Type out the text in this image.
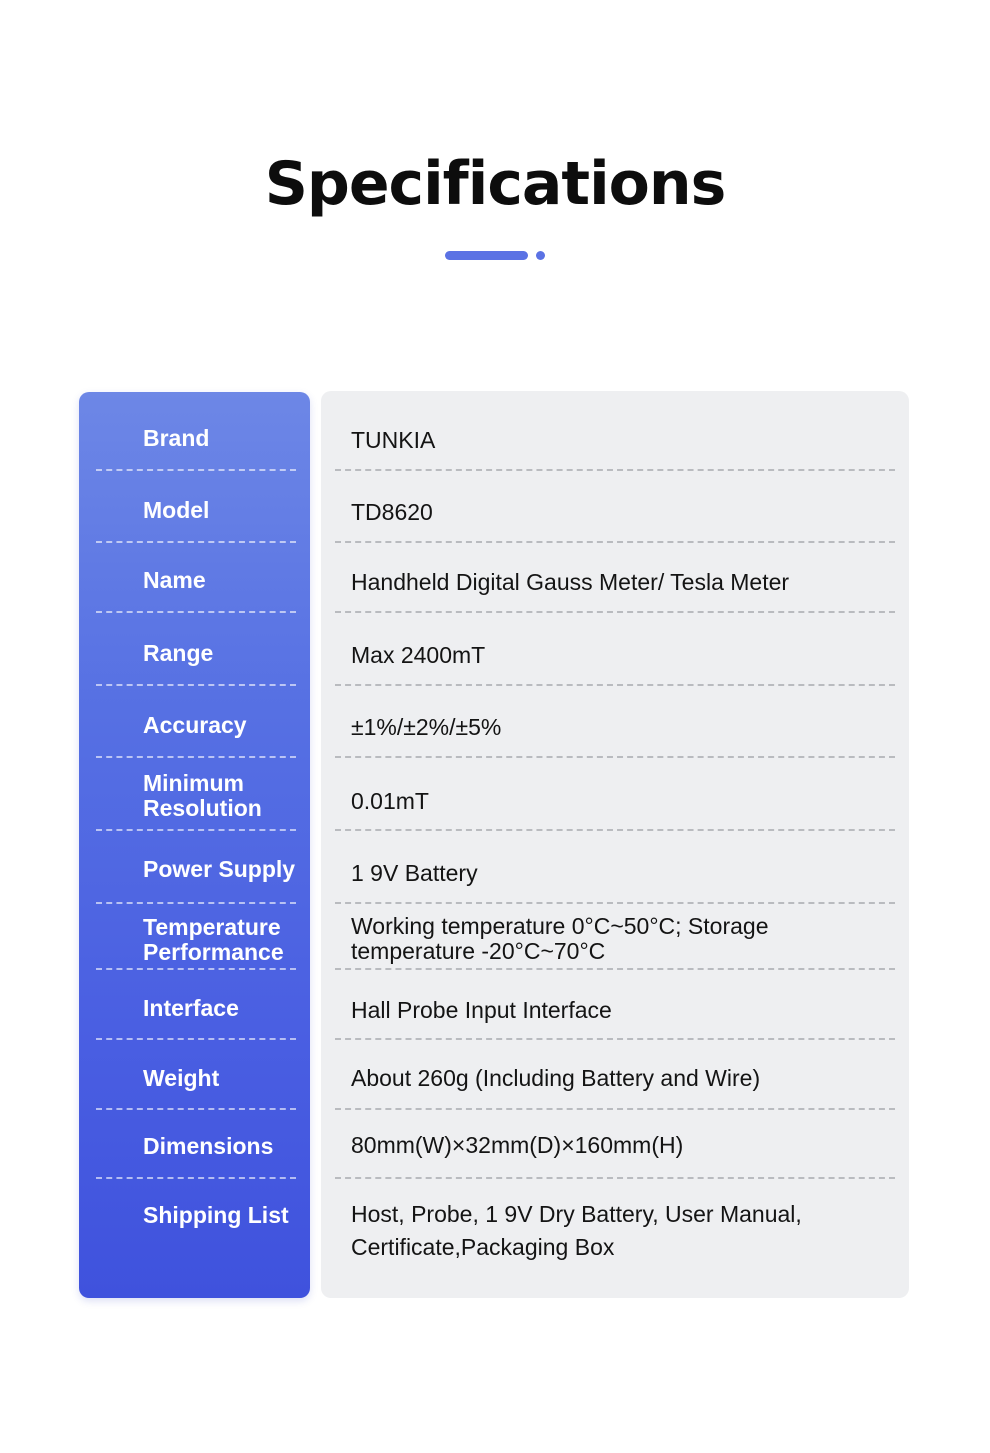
Specifications
Brand
Model
Name
Range
Accuracy
Minimum Resolution
Power Supply
Temperature Performance
Interface
Weight
Dimensions
Shipping List
TUNKIA
TD8620
Handheld Digital Gauss Meter/ Tesla Meter
Max 2400mT
±1%/±2%/±5%
0.01mT
1 9V Battery
Working temperature 0°C~50°C; Storage temperature -20°C~70°C
Hall Probe Input Interface
About 260g (Including Battery and Wire)
80mm(W)×32mm(D)×160mm(H)
Host, Probe, 1 9V Dry Battery, User Manual, Certificate,Packaging Box
